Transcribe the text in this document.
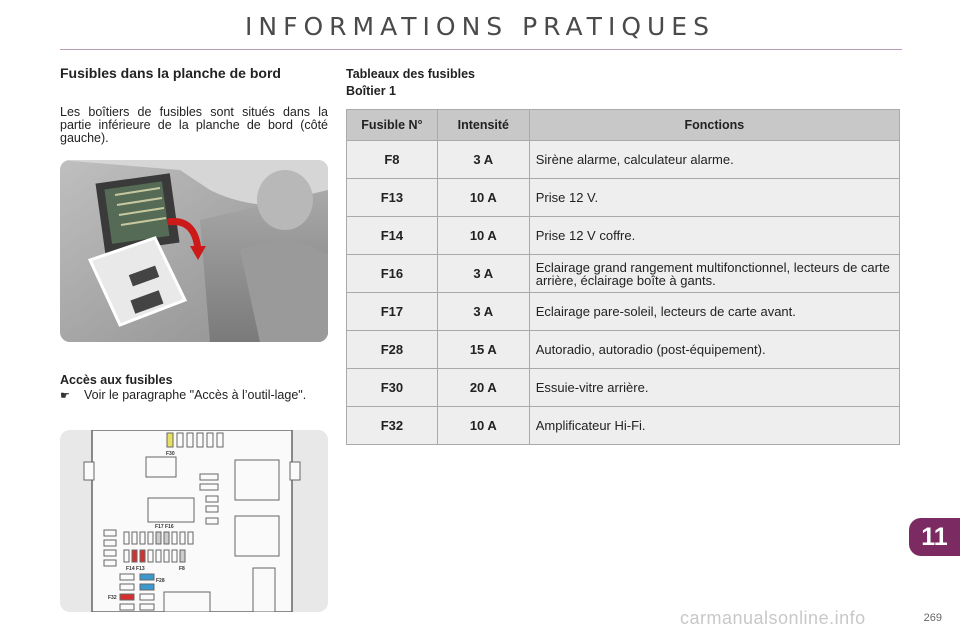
INFORMATIONS PRATIQUES
Fusibles dans la planche de bord
Les boîtiers de fusibles sont situés dans la partie inférieure de la planche de bord (côté gauche).
Accès aux fusibles
☛ Voir le paragraphe "Accès à l’outil-lage".
F30
F17 F16
F14 F13	F8
F28
F32
Tableaux des fusibles
Boîtier 1
Fusible N°	Intensité	Fonctions
F8	3 A	Sirène alarme, calculateur alarme.
F13	10 A	Prise 12 V.
F14	10 A	Prise 12 V coffre.
F16	3 A	Eclairage grand rangement multifonctionnel, lecteurs de carte arrière, éclairage boîte à gants.
F17	3 A	Eclairage pare-soleil, lecteurs de carte avant.
F28	15 A	Autoradio, autoradio (post-équipement).
F30	20 A	Essuie-vitre arrière.
F32	10 A	Amplificateur Hi-Fi.
11
carmanualsonline.info	269
